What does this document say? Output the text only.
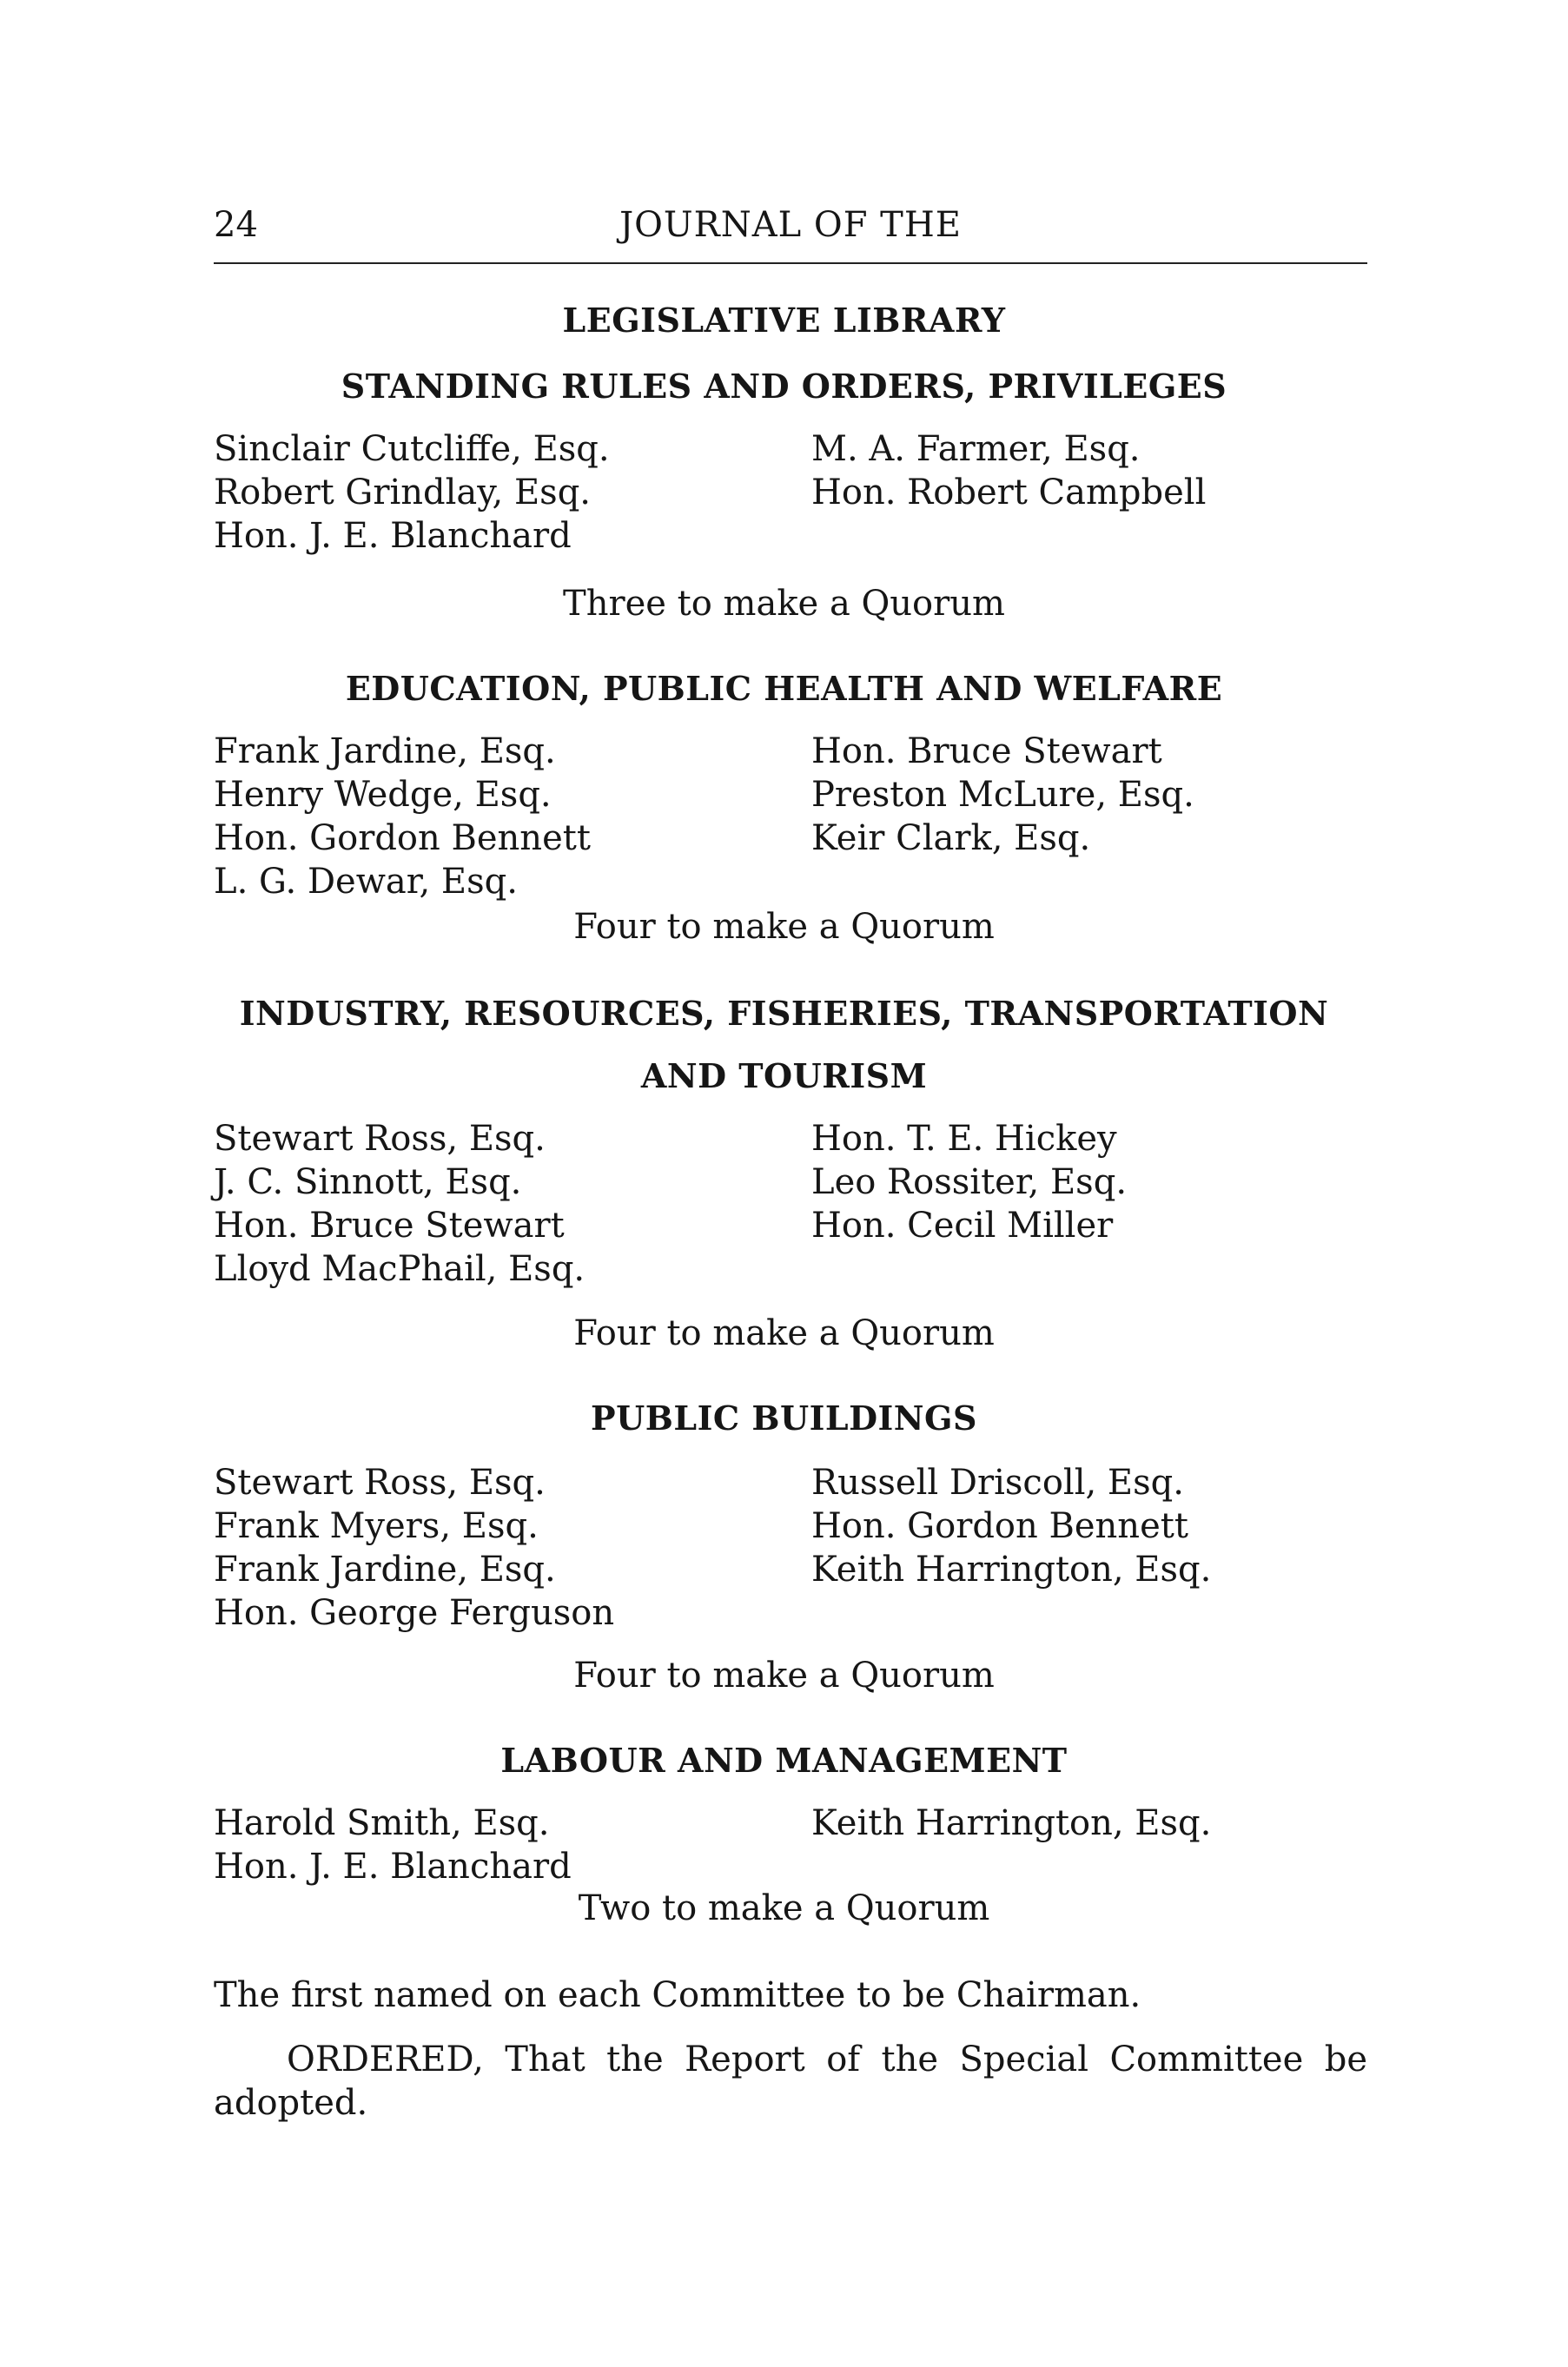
24	JOURNAL OF THE
LEGISLATIVE LIBRARY
STANDING RULES AND ORDERS, PRIVILEGES
Sinclair Cutcliffe, Esq.
Robert Grindlay, Esq.
Hon. J. E. Blanchard
M. A. Farmer, Esq.
Hon. Robert Campbell
Three to make a Quorum
EDUCATION, PUBLIC HEALTH AND WELFARE
Frank Jardine, Esq.
Henry Wedge, Esq.
Hon. Gordon Bennett
L. G. Dewar, Esq.
Hon. Bruce Stewart
Preston McLure, Esq.
Keir Clark, Esq.
Four to make a Quorum
INDUSTRY, RESOURCES, FISHERIES, TRANSPORTATION
AND TOURISM
Stewart Ross, Esq.
J. C. Sinnott, Esq.
Hon. Bruce Stewart
Lloyd MacPhail, Esq.
Hon. T. E. Hickey
Leo Rossiter, Esq.
Hon. Cecil Miller
Four to make a Quorum
PUBLIC BUILDINGS
Stewart Ross, Esq.
Frank Myers, Esq.
Frank Jardine, Esq.
Hon. George Ferguson
Russell Driscoll, Esq.
Hon. Gordon Bennett
Keith Harrington, Esq.
Four to make a Quorum
LABOUR AND MANAGEMENT
Harold Smith, Esq.
Hon. J. E. Blanchard
Keith Harrington, Esq.
Two to make a Quorum
The first named on each Committee to be Chairman.
ORDERED, That the Report of the Special Committee be
adopted.
